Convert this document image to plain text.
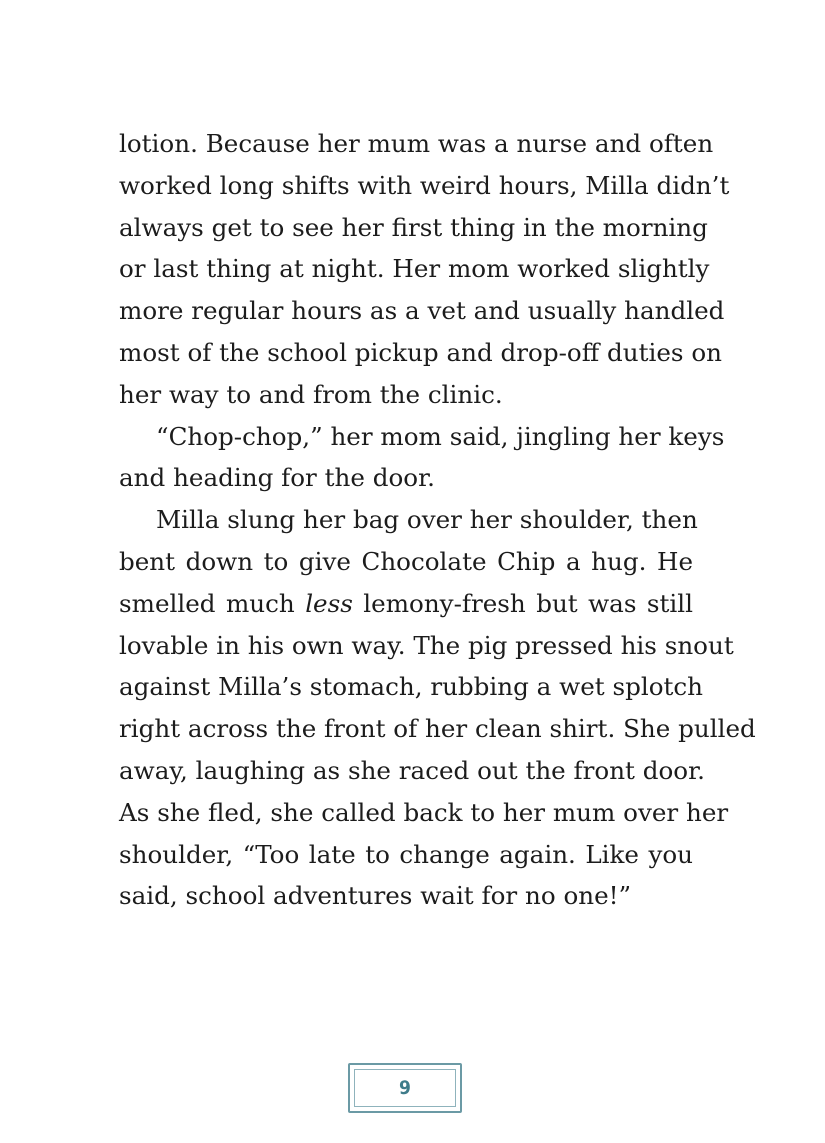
lotion. Because her mum was a nurse and often
worked long shifts with weird hours, Milla didn’t
always get to see her first thing in the morning
or last thing at night. Her mom worked slightly
more regular hours as a vet and usually handled
most of the school pickup and drop-off duties on
her way to and from the clinic.
“Chop-chop,” her mom said, jingling her keys
and heading for the door.
Milla slung her bag over her shoulder, then
bent down to give Chocolate Chip a hug. He
smelled much less lemony-fresh but was still
lovable in his own way. The pig pressed his snout
against Milla’s stomach, rubbing a wet splotch
right across the front of her clean shirt. She pulled
away, laughing as she raced out the front door.
As she fled, she called back to her mum over her
shoulder, “Too late to change again. Like you
said, school adventures wait for no one!”
9
